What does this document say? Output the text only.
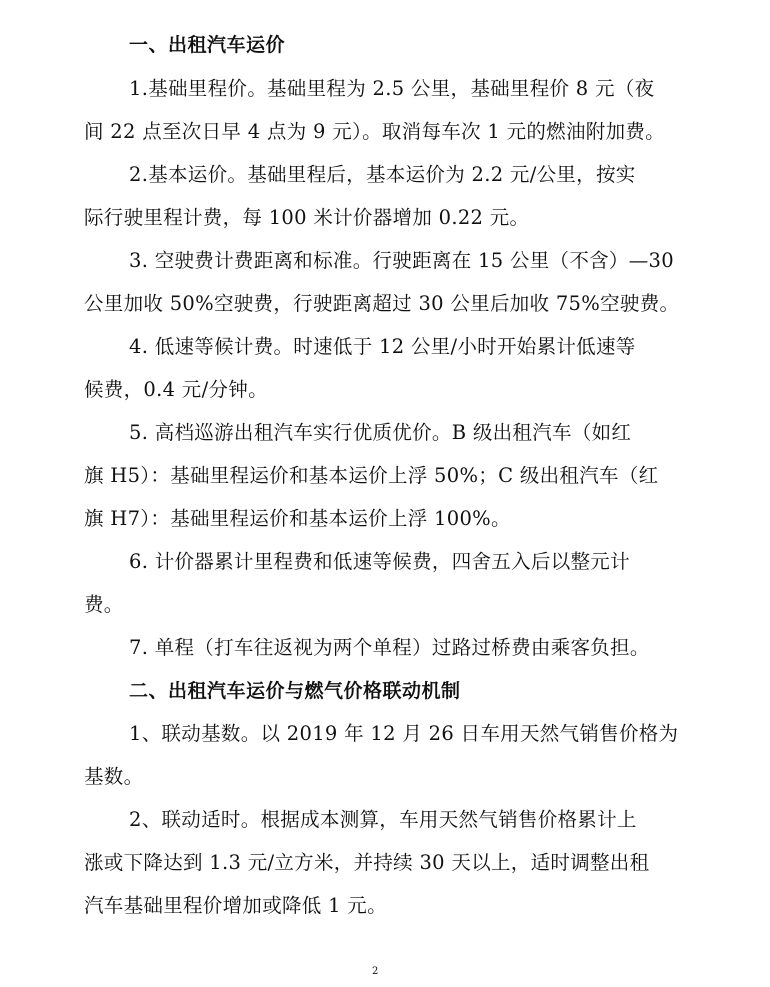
一、出租汽车运价
1.基础里程价。基础里程为 2.5 公里，基础里程价 8 元（夜
间 22 点至次日早 4 点为 9 元）。取消每车次 1 元的燃油附加费。
2.基本运价。基础里程后，基本运价为 2.2 元/公里，按实
际行驶里程计费，每 100 米计价器增加 0.22 元。
3. 空驶费计费距离和标准。行驶距离在 15 公里（不含）—30
公里加收 50%空驶费，行驶距离超过 30 公里后加收 75%空驶费。
4. 低速等候计费。时速低于 12 公里/小时开始累计低速等
候费，0.4 元/分钟。
5. 高档巡游出租汽车实行优质优价。B 级出租汽车（如红
旗 H5）：基础里程运价和基本运价上浮 50%；C 级出租汽车（红
旗 H7）：基础里程运价和基本运价上浮 100%。
6. 计价器累计里程费和低速等候费，四舍五入后以整元计
费。
7. 单程（打车往返视为两个单程）过路过桥费由乘客负担。
二、出租汽车运价与燃气价格联动机制
1、联动基数。以 2019 年 12 月 26 日车用天然气销售价格为
基数。
2、联动适时。根据成本测算，车用天然气销售价格累计上
涨或下降达到 1.3 元/立方米，并持续 30 天以上，适时调整出租
汽车基础里程价增加或降低 1 元。
2
